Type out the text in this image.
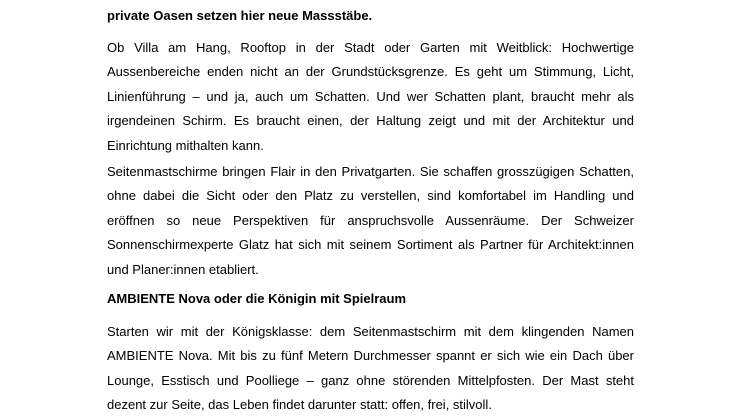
private Oasen setzen hier neue Massstäbe.

Ob Villa am Hang, Rooftop in der Stadt oder Garten mit Weitblick: Hochwertige
Aussenbereiche enden nicht an der Grundstücksgrenze. Es geht um Stimmung, Licht,
Linienführung – und ja, auch um Schatten. Und wer Schatten plant, braucht mehr als
irgendeinen Schirm. Es braucht einen, der Haltung zeigt und mit der Architektur und
Einrichtung mithalten kann.
Seitenmastschirme bringen Flair in den Privatgarten. Sie schaffen grosszügigen Schatten,
ohne dabei die Sicht oder den Platz zu verstellen, sind komfortabel im Handling und
eröffnen so neue Perspektiven für anspruchsvolle Aussenräume. Der Schweizer
Sonnenschirmexperte Glatz hat sich mit seinem Sortiment als Partner für Architekt:innen
und Planer:innen etabliert.

AMBIENTE Nova oder die Königin mit Spielraum

Starten wir mit der Königsklasse: dem Seitenmastschirm mit dem klingenden Namen
AMBIENTE Nova. Mit bis zu fünf Metern Durchmesser spannt er sich wie ein Dach über
Lounge, Esstisch und Poolliege – ganz ohne störenden Mittelpfosten. Der Mast steht
dezent zur Seite, das Leben findet darunter statt: offen, frei, stilvoll.
